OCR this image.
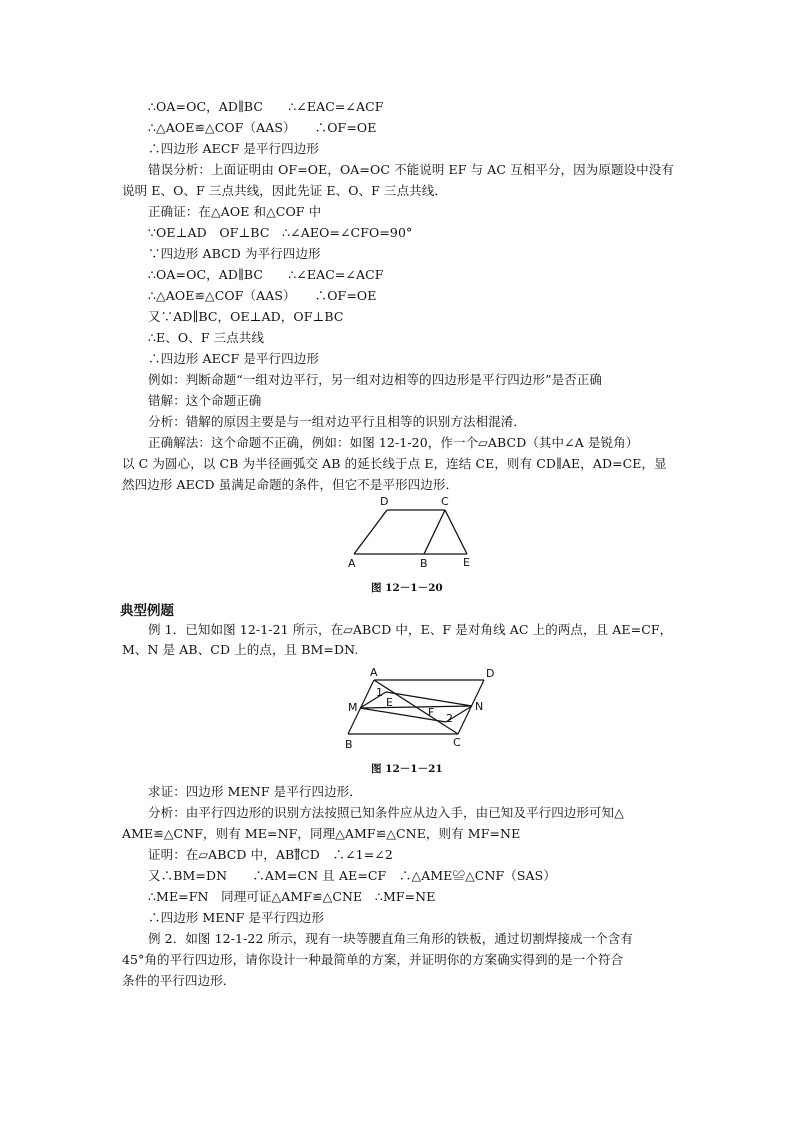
∴OA=OC，AD∥BC　　∴∠EAC=∠ACF
∴△AOE≌△COF（AAS）　　∴OF=OE
∴四边形 AECF 是平行四边形
错误分析：上面证明由 OF=OE，OA=OC 不能说明 EF 与 AC 互相平分，因为原题设中没有
说明 E、O、F 三点共线，因此先证 E、O、F 三点共线．
正确证：在△AOE 和△COF 中
∵OE⊥AD　OF⊥BC　∴∠AEO=∠CFO=90°
∵四边形 ABCD 为平行四边形
∴OA=OC，AD∥BC　　∴∠EAC=∠ACF
∴△AOE≌△COF（AAS）　　∴OF=OE
又∵AD∥BC，OE⊥AD，OF⊥BC
∴E、O、F 三点共线
∴四边形 AECF 是平行四边形
例如：判断命题“一组对边平行，另一组对边相等的四边形是平行四边形”是否正确
错解：这个命题正确
分析：错解的原因主要是与一组对边平行且相等的识别方法相混淆．
正确解法：这个命题不正确，例如：如图 12-1-20，作一个▱ABCD（其中∠A 是锐角）
以 C 为圆心，以 CB 为半径画弧交 AB 的延长线于点 E，连结 CE，则有 CD∥AE，AD=CE，显
然四边形 AECD 虽满足命题的条件，但它不是平形四边形．
D	C
A	B	E
图 12－1－20
典型例题
例 1．已知如图 12-1-21 所示，在▱ABCD 中，E、F 是对角线 AC 上的两点，且 AE=CF，
M、N 是 AB、CD 上的点，且 BM=DN.
A	D
M	N
E
F
1
2
B	C
图 12－1－21
求证：四边形 MENF 是平行四边形．
分析：由平行四边形的识别方法按照已知条件应从边入手，由已知及平行四边形可知△
AME≌△CNF，则有 ME=NF，同理△AMF≌△CNE，则有 MF=NE
证明：在▱ABCD 中，AB∥̿CD　∴∠1=∠2
又∴BM=DN　　∴AM=CN 且 AE=CF　∴△AME≌△CNF（SAS）
∴ME=FN　同理可证△AMF≌△CNE　∴MF=NE
∴四边形 MENF 是平行四边形
例 2．如图 12-1-22 所示，现有一块等腰直角三角形的铁板，通过切割焊接成一个含有
45°角的平行四边形，请你设计一种最简单的方案，并证明你的方案确实得到的是一个符合
条件的平行四边形．
